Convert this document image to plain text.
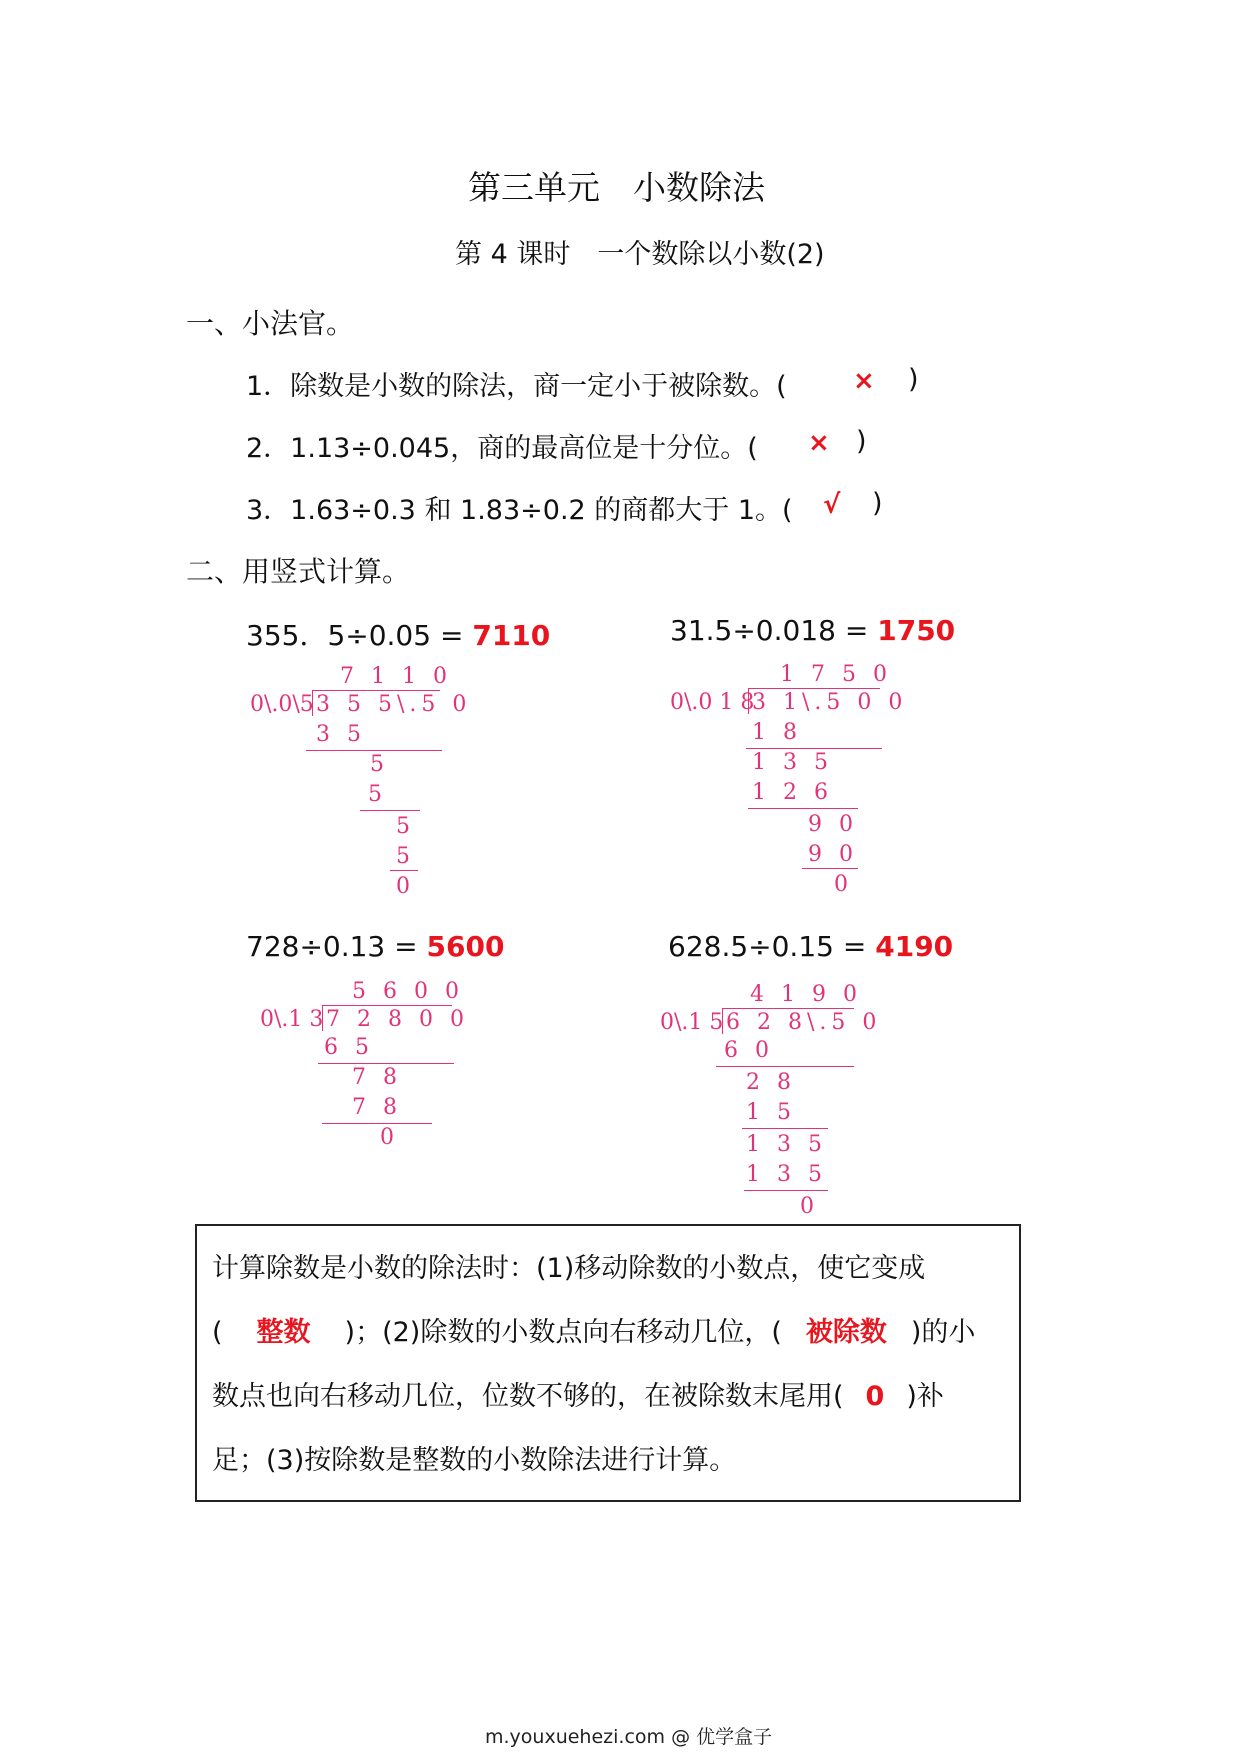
第三单元　小数除法
第 4 课时　一个数除以小数(2)
一、小法官。
1．除数是小数的除法，商一定小于被除数。(	× )
2．1.13÷0.045，商的最高位是十分位。( × )
3．1.63÷0.3 和 1.83÷0.2 的商都大于 1。( √ )
二、用竖式计算。
355．5÷0.05 = 7110
7 1 1 0
0\.0\5 3 5 5\.5 0
3 5
5
5
5
5
0
31.5÷0.018 = 1750
1 7 5 0
0\.0 1 8
3 1\.5 0 0
1 8
1 3 5
1 2 6
9 0
9 0
0
728÷0.13 = 5600
5 6 0 0
0\.1 3 7 2 8 0 0
6 5
7 8
7 8
0
628.5÷0.15 = 4190
4 1 9 0
0\.1 5 6 2 8\.5 0
6 0
2 8
1 5
1 3 5
1 3 5
0
计算除数是小数的除法时：(1)移动除数的小数点，使它变成
( 整数 )；(2)除数的小数点向右移动几位，( 被除数 )的小
数点也向右移动几位，位数不够的，在被除数末尾用( 0 )补
足；(3)按除数是整数的小数除法进行计算。
m.youxuehezi.com @ 优学盒子
